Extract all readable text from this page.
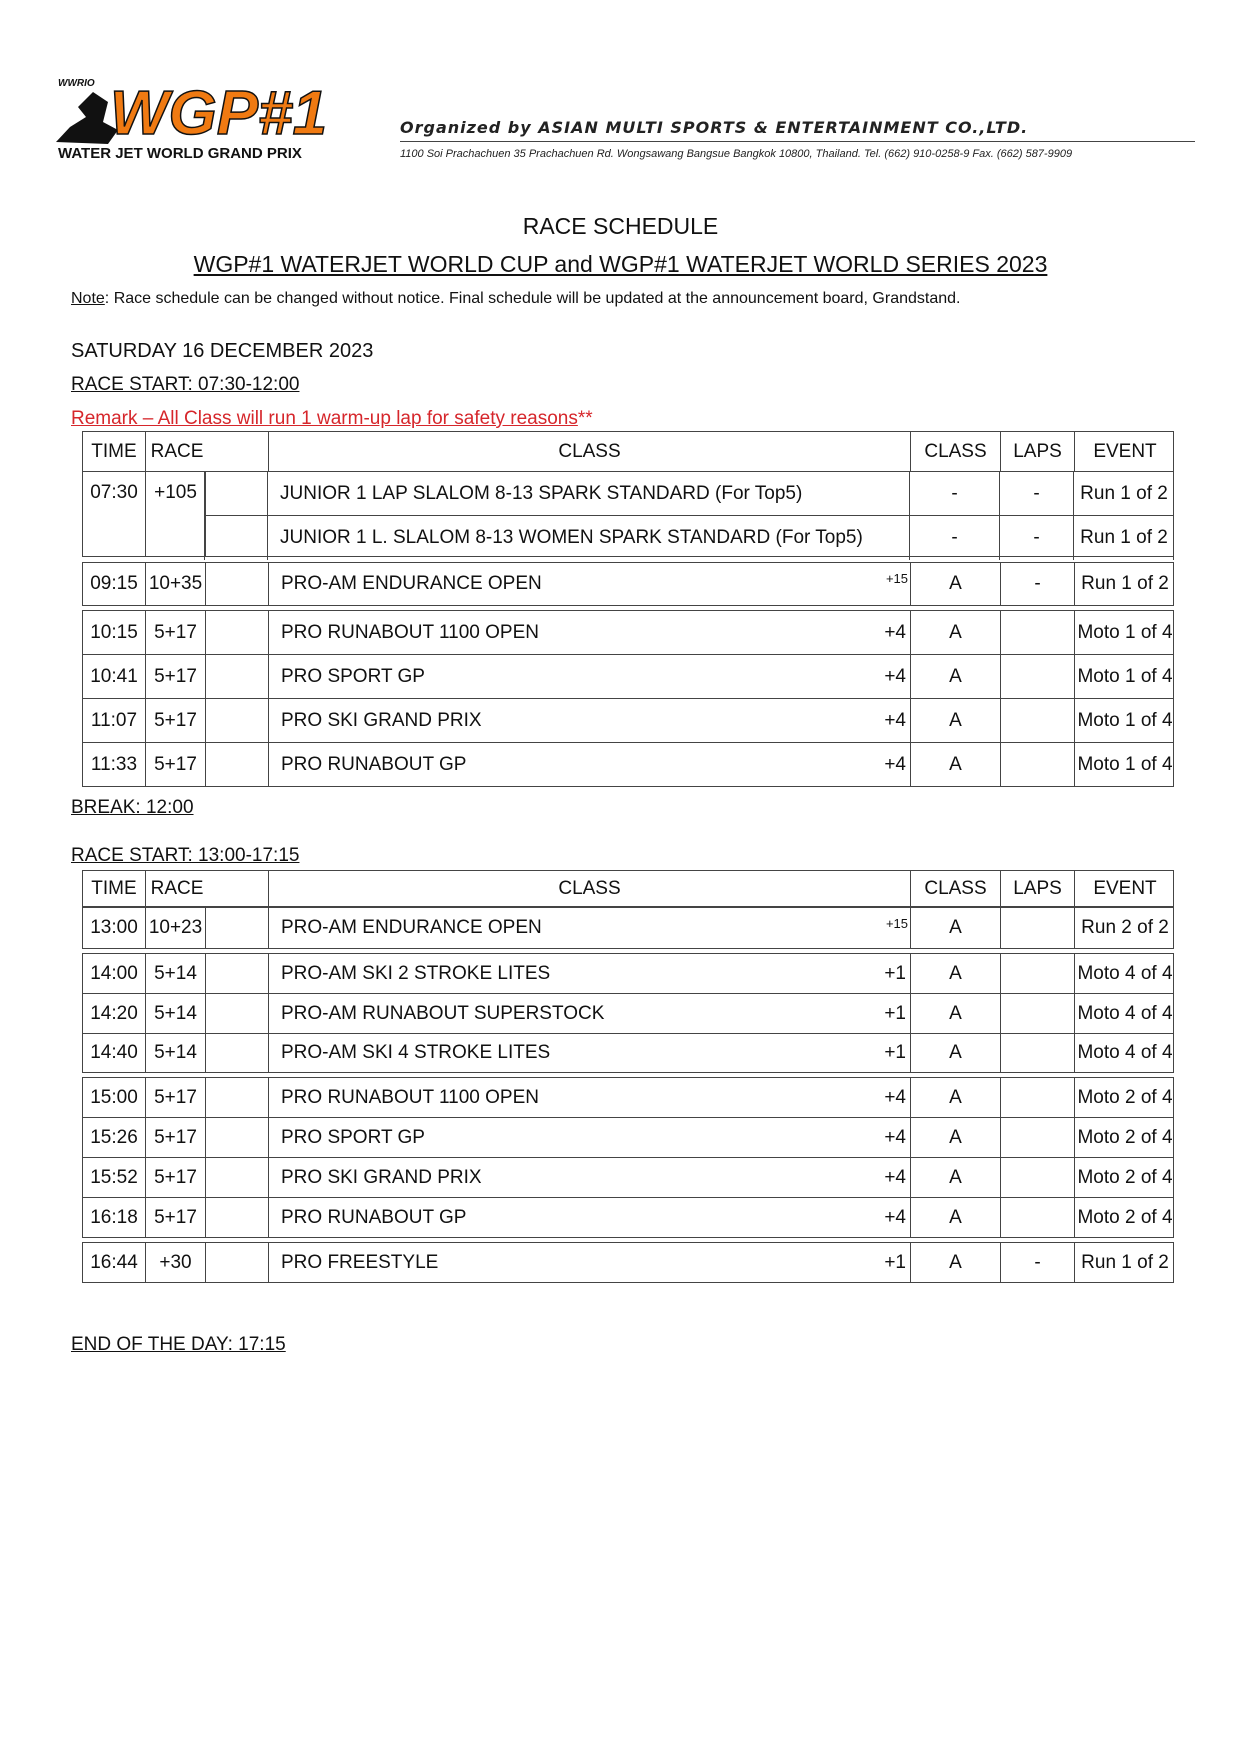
WWRIO WGP#1
WATER JET WORLD GRAND PRIX
Organized by ASIAN MULTI SPORTS & ENTERTAINMENT CO.,LTD.
1100 Soi Prachachuen 35 Prachachuen Rd. Wongsawang Bangsue Bangkok 10800, Thailand. Tel. (662) 910-0258-9 Fax. (662) 587-9909
RACE SCHEDULE
WGP#1 WATERJET WORLD CUP and WGP#1 WATERJET WORLD SERIES 2023
Note: Race schedule can be changed without notice. Final schedule will be updated at the announcement board, Grandstand.
SATURDAY 16 DECEMBER 2023
RACE START: 07:30-12:00
Remark – All Class will run 1 warm-up lap for safety reasons**
TIME RACE	CLASS	CLASS	LAPS	EVENT
07:30 +105	JUNIOR 1 LAP SLALOM 8-13 SPARK STANDARD (For Top5)	-	- Run 1 of 2
JUNIOR 1 L. SLALOM 8-13 WOMEN SPARK STANDARD (For Top5)	-	- Run 1 of 2
09:15 10+35	PRO-AM ENDURANCE OPEN	+15 A	- Run 1 of 2
10:15 5+17	PRO RUNABOUT 1100 OPEN	+4 A	Moto 1 of 4
10:41 5+17	PRO SPORT GP	+4 A	Moto 1 of 4
11:07 5+17	PRO SKI GRAND PRIX	+4 A	Moto 1 of 4
11:33 5+17	PRO RUNABOUT GP	+4 A	Moto 1 of 4
BREAK: 12:00
RACE START: 13:00-17:15
TIME RACE	CLASS	CLASS	LAPS	EVENT
13:00 10+23	PRO-AM ENDURANCE OPEN	+15 A	Run 2 of 2
14:00 5+14	PRO-AM SKI 2 STROKE LITES	+1 A	Moto 4 of 4
14:20 5+14	PRO-AM RUNABOUT SUPERSTOCK	+1 A	Moto 4 of 4
14:40 5+14	PRO-AM SKI 4 STROKE LITES	+1 A	Moto 4 of 4
15:00 5+17	PRO RUNABOUT 1100 OPEN	+4 A	Moto 2 of 4
15:26 5+17	PRO SPORT GP	+4 A	Moto 2 of 4
15:52 5+17	PRO SKI GRAND PRIX	+4 A	Moto 2 of 4
16:18 5+17	PRO RUNABOUT GP	+4 A	Moto 2 of 4
16:44 +30	PRO FREESTYLE	+1 A	- Run 1 of 2
END OF THE DAY: 17:15
